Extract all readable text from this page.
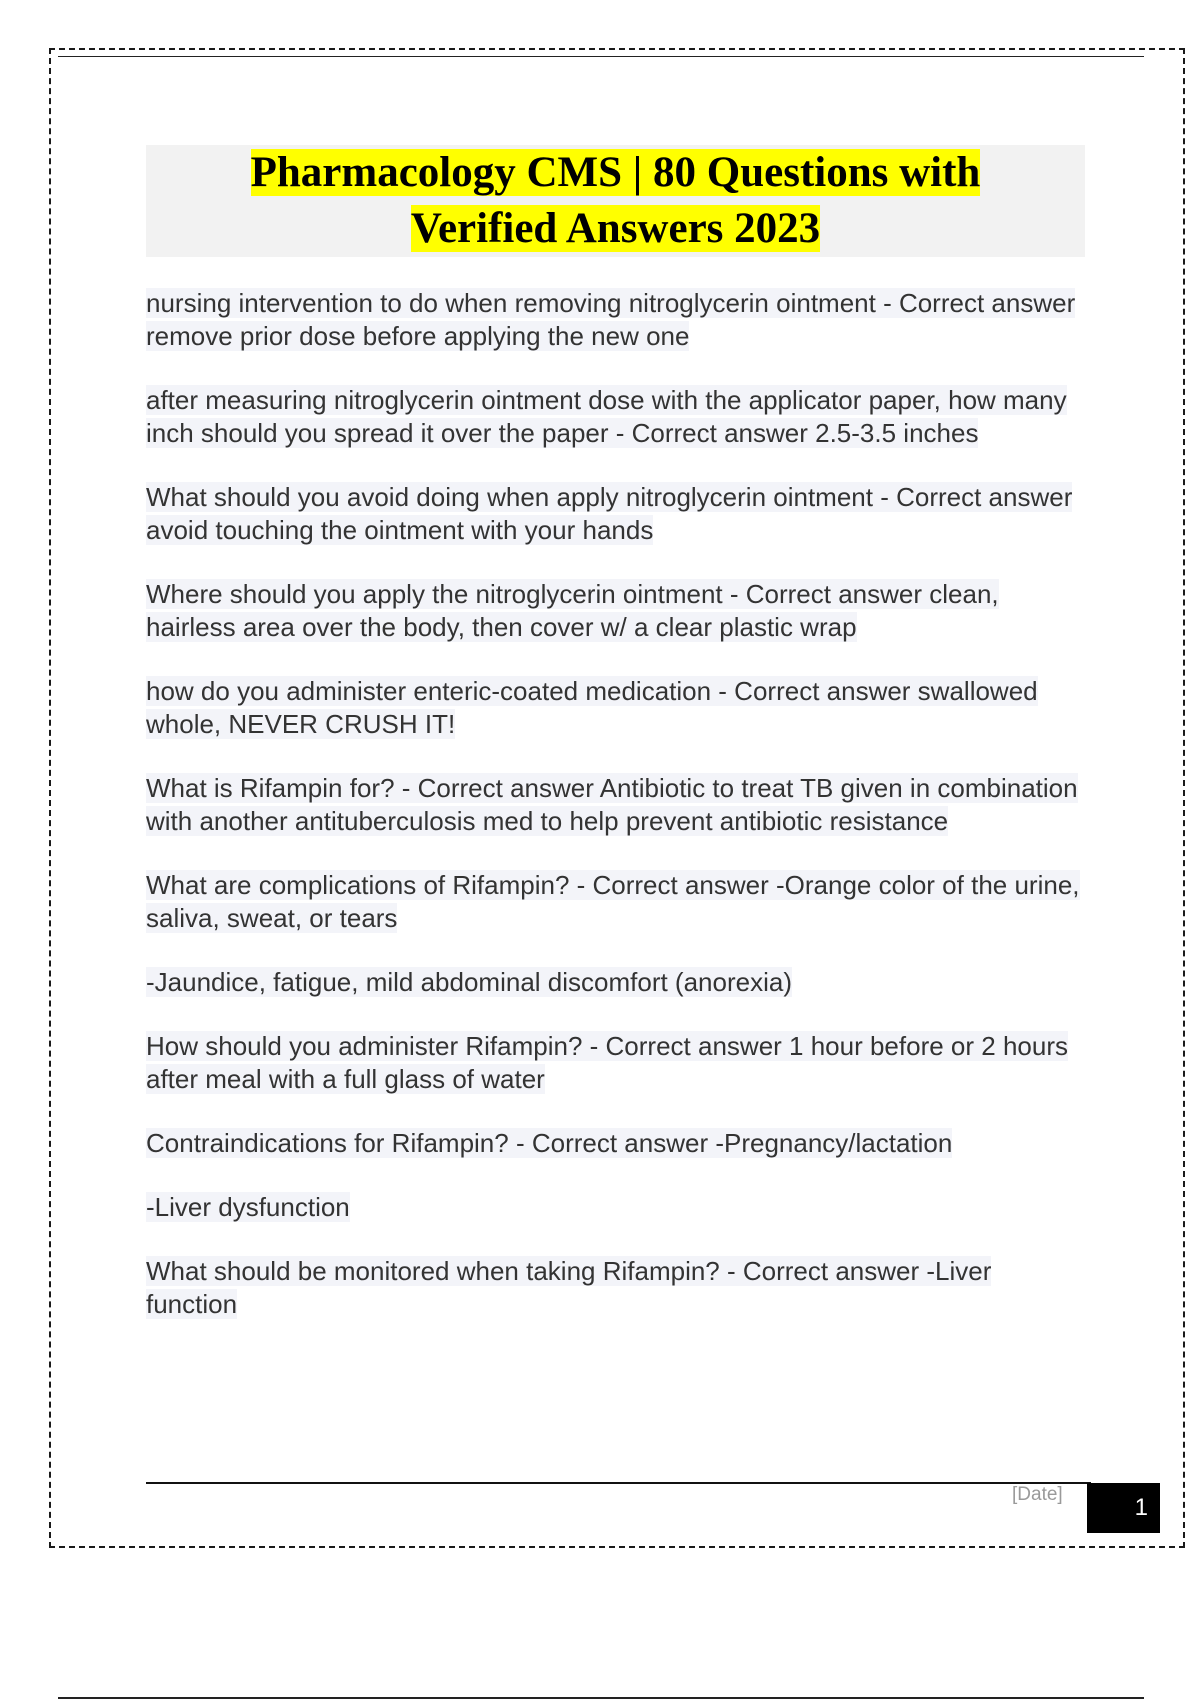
Pharmacology CMS | 80 Questions with
Verified Answers 2023

nursing intervention to do when removing nitroglycerin ointment - Correct answer remove prior dose before applying the new one

after measuring nitroglycerin ointment dose with the applicator paper, how many inch should you spread it over the paper - Correct answer 2.5-3.5 inches

What should you avoid doing when apply nitroglycerin ointment - Correct answer avoid touching the ointment with your hands

Where should you apply the nitroglycerin ointment - Correct answer clean, hairless area over the body, then cover w/ a clear plastic wrap

how do you administer enteric-coated medication - Correct answer swallowed whole, NEVER CRUSH IT!

What is Rifampin for? - Correct answer Antibiotic to treat TB given in combination with another antituberculosis med to help prevent antibiotic resistance

What are complications of Rifampin? - Correct answer -Orange color of the urine, saliva, sweat, or tears

-Jaundice, fatigue, mild abdominal discomfort (anorexia)

How should you administer Rifampin? - Correct answer 1 hour before or 2 hours after meal with a full glass of water

Contraindications for Rifampin? - Correct answer -Pregnancy/lactation

-Liver dysfunction

What should be monitored when taking Rifampin? - Correct answer -Liver function

[Date]	1
